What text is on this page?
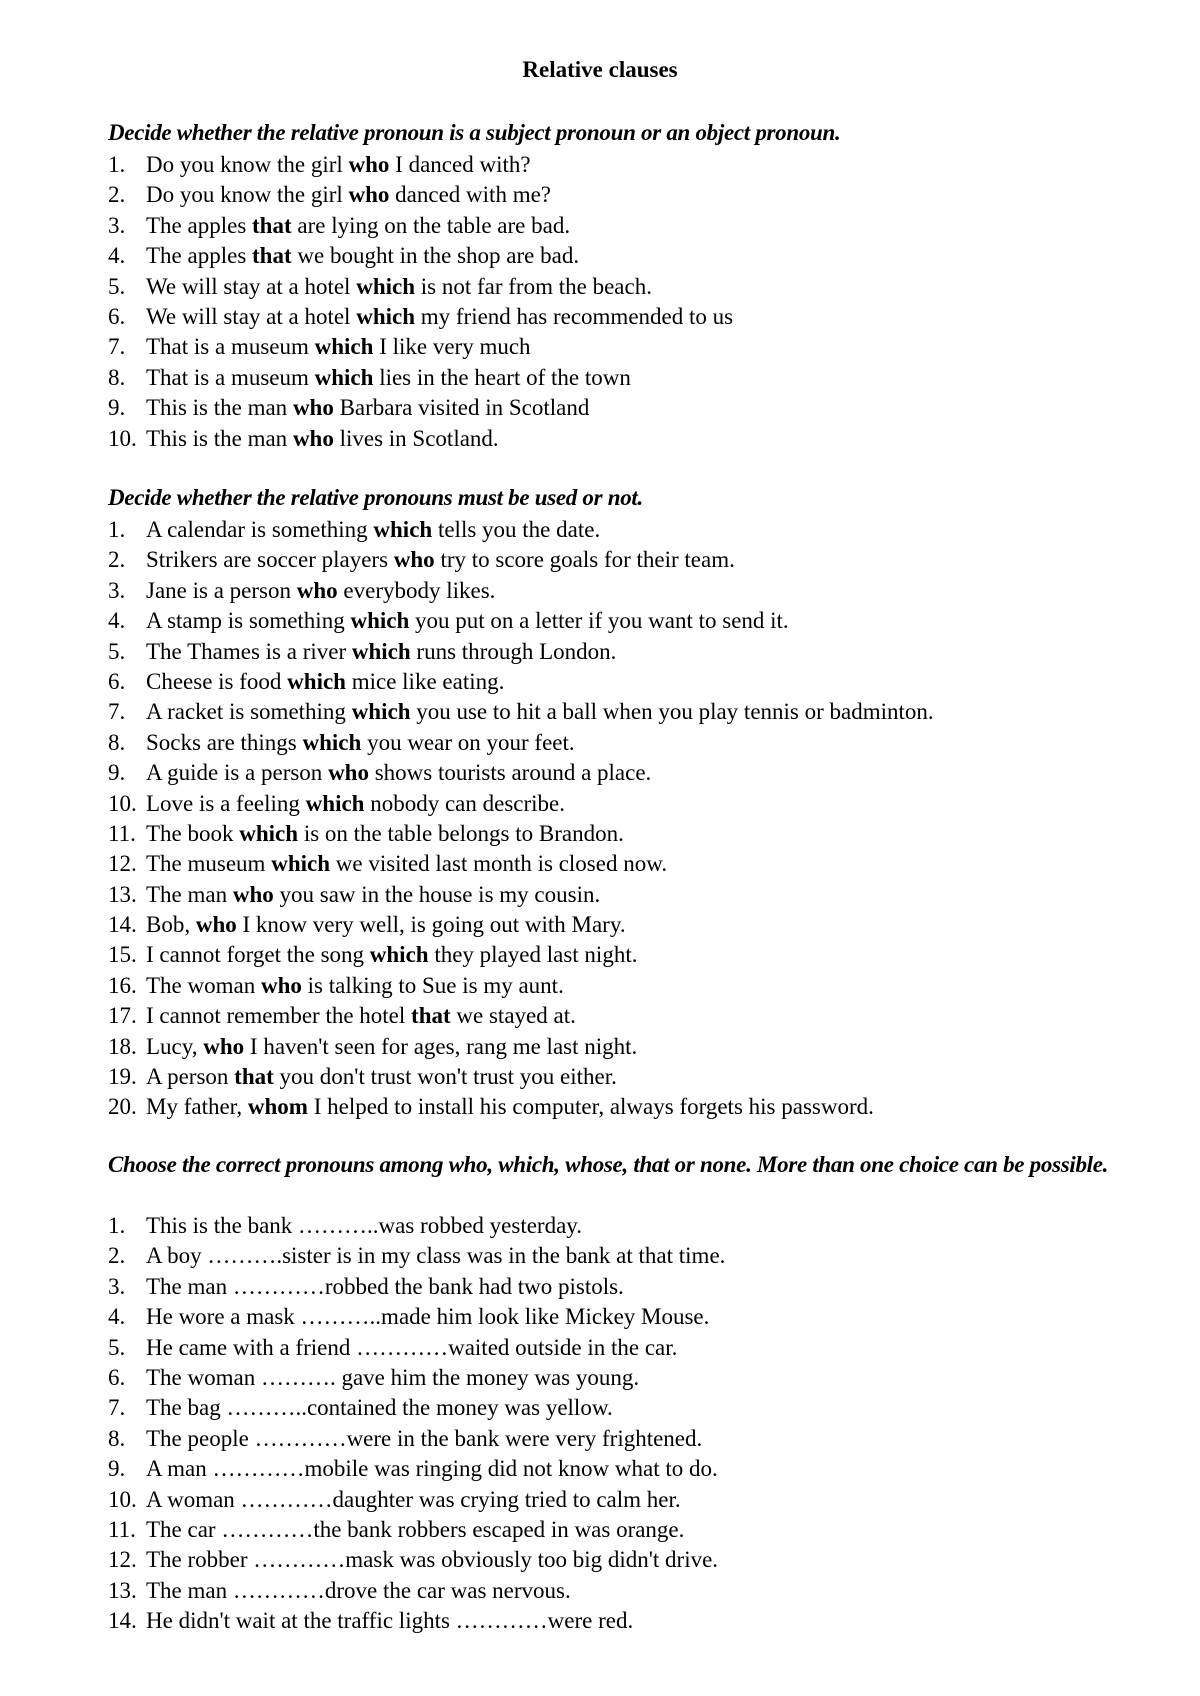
Relative clauses
Decide whether the relative pronoun is a subject pronoun or an object pronoun.
1. Do you know the girl who I danced with?
2. Do you know the girl who danced with me?
3. The apples that are lying on the table are bad.
4. The apples that we bought in the shop are bad.
5. We will stay at a hotel which is not far from the beach.
6. We will stay at a hotel which my friend has recommended to us
7. That is a museum which I like very much
8. That is a museum which lies in the heart of the town
9. This is the man who Barbara visited in Scotland
10. This is the man who lives in Scotland.
Decide whether the relative pronouns must be used or not.
1. A calendar is something which tells you the date.
2. Strikers are soccer players who try to score goals for their team.
3. Jane is a person who everybody likes.
4. A stamp is something which you put on a letter if you want to send it.
5. The Thames is a river which runs through London.
6. Cheese is food which mice like eating.
7. A racket is something which you use to hit a ball when you play tennis or badminton.
8. Socks are things which you wear on your feet.
9. A guide is a person who shows tourists around a place.
10. Love is a feeling which nobody can describe.
11. The book which is on the table belongs to Brandon.
12. The museum which we visited last month is closed now.
13. The man who you saw in the house is my cousin.
14. Bob, who I know very well, is going out with Mary.
15. I cannot forget the song which they played last night.
16. The woman who is talking to Sue is my aunt.
17. I cannot remember the hotel that we stayed at.
18. Lucy, who I haven't seen for ages, rang me last night.
19. A person that you don't trust won't trust you either.
20. My father, whom I helped to install his computer, always forgets his password.
Choose the correct pronouns among who, which, whose, that or none. More than one choice can be possible.
1. This is the bank ………..was robbed yesterday.
2. A boy ……….sister is in my class was in the bank at that time.
3. The man …………robbed the bank had two pistols.
4. He wore a mask ………..made him look like Mickey Mouse.
5. He came with a friend …………waited outside in the car.
6. The woman ………. gave him the money was young.
7. The bag ………..contained the money was yellow.
8. The people …………were in the bank were very frightened.
9. A man …………mobile was ringing did not know what to do.
10. A woman …………daughter was crying tried to calm her.
11. The car …………the bank robbers escaped in was orange.
12. The robber …………mask was obviously too big didn't drive.
13. The man …………drove the car was nervous.
14. He didn't wait at the traffic lights …………were red.
